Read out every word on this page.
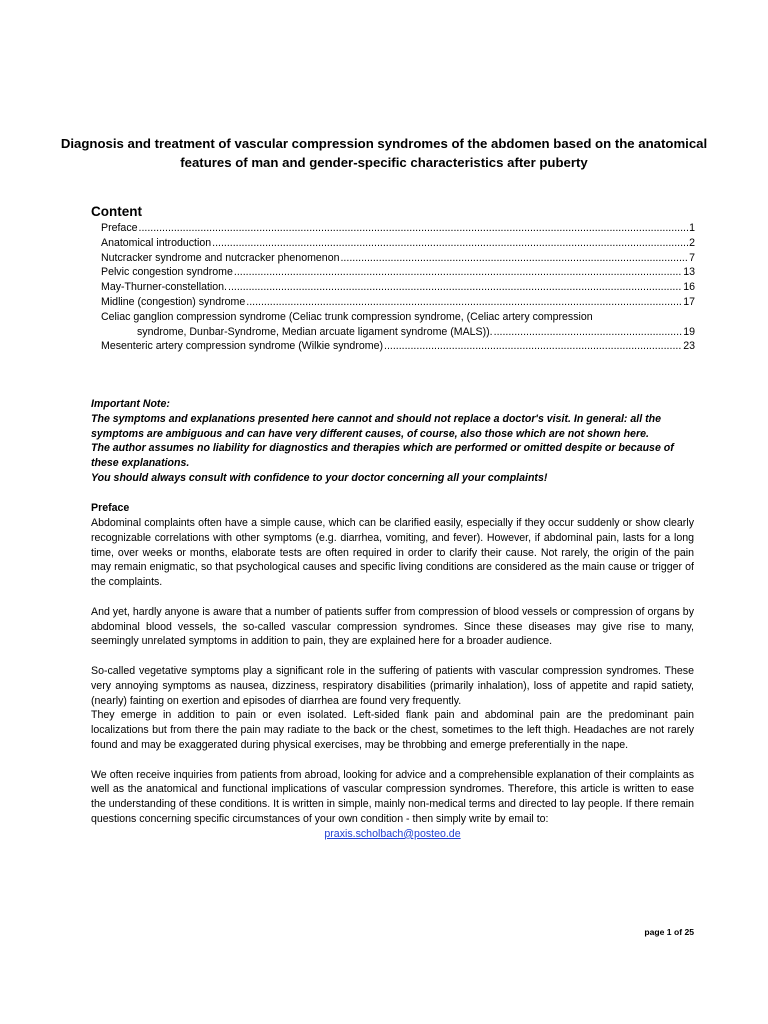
Diagnosis and treatment of vascular compression syndromes of the abdomen based on the anatomical features of man and gender-specific characteristics after puberty
Content
Preface .....	1
Anatomical introduction .....	2
Nutcracker syndrome and nutcracker phenomenon .....	7
Pelvic congestion syndrome .....	13
May-Thurner-constellation. .....	16
Midline (congestion) syndrome .....	17
Celiac ganglion compression syndrome (Celiac trunk compression syndrome, (Celiac artery compression
syndrome, Dunbar-Syndrome, Median arcuate ligament syndrome (MALS)). .....	19
Mesenteric artery compression syndrome (Wilkie syndrome) .....	23
Important Note:
The symptoms and explanations presented here cannot and should not replace a doctor's visit. In general: all the symptoms are ambiguous and can have very different causes, of course, also those which are not shown here.
The author assumes no liability for diagnostics and therapies which are performed or omitted despite or because of these explanations.
You should always consult with confidence to your doctor concerning all your complaints!
Preface

Abdominal complaints often have a simple cause, which can be clarified easily, especially if they occur suddenly or show clearly recognizable correlations with other symptoms (e.g. diarrhea, vomiting, and fever). However, if abdominal pain, lasts for a long time, over weeks or months, elaborate tests are often required in order to clarify their cause. Not rarely, the origin of the pain may remain enigmatic, so that psychological causes and specific living conditions are considered as the main cause or trigger of the complaints.

And yet, hardly anyone is aware that a number of patients suffer from compression of blood vessels or compression of organs by abdominal blood vessels, the so-called vascular compression syndromes. Since these diseases may give rise to many, seemingly unrelated symptoms in addition to pain, they are explained here for a broader audience.

So-called vegetative symptoms play a significant role in the suffering of patients with vascular compression syndromes. These very annoying symptoms as nausea, dizziness, respiratory disabilities (primarily inhalation), loss of appetite and rapid satiety, (nearly) fainting on exertion and episodes of diarrhea are found very frequently.

They emerge in addition to pain or even isolated. Left-sided flank pain and abdominal pain are the predominant pain localizations but from there the pain may radiate to the back or the chest, sometimes to the left thigh. Headaches are not rarely found and may be exaggerated during physical exercises, may be throbbing and emerge preferentially in the nape.

We often receive inquiries from patients from abroad, looking for advice and a comprehensible explanation of their complaints as well as the anatomical and functional implications of vascular compression syndromes. Therefore, this article is written to ease the understanding of these conditions. It is written in simple, mainly non-medical terms and directed to lay people. If there remain questions concerning specific circumstances of your own condition - then simply write by email to:

praxis.scholbach@posteo.de
page 1 of 25
